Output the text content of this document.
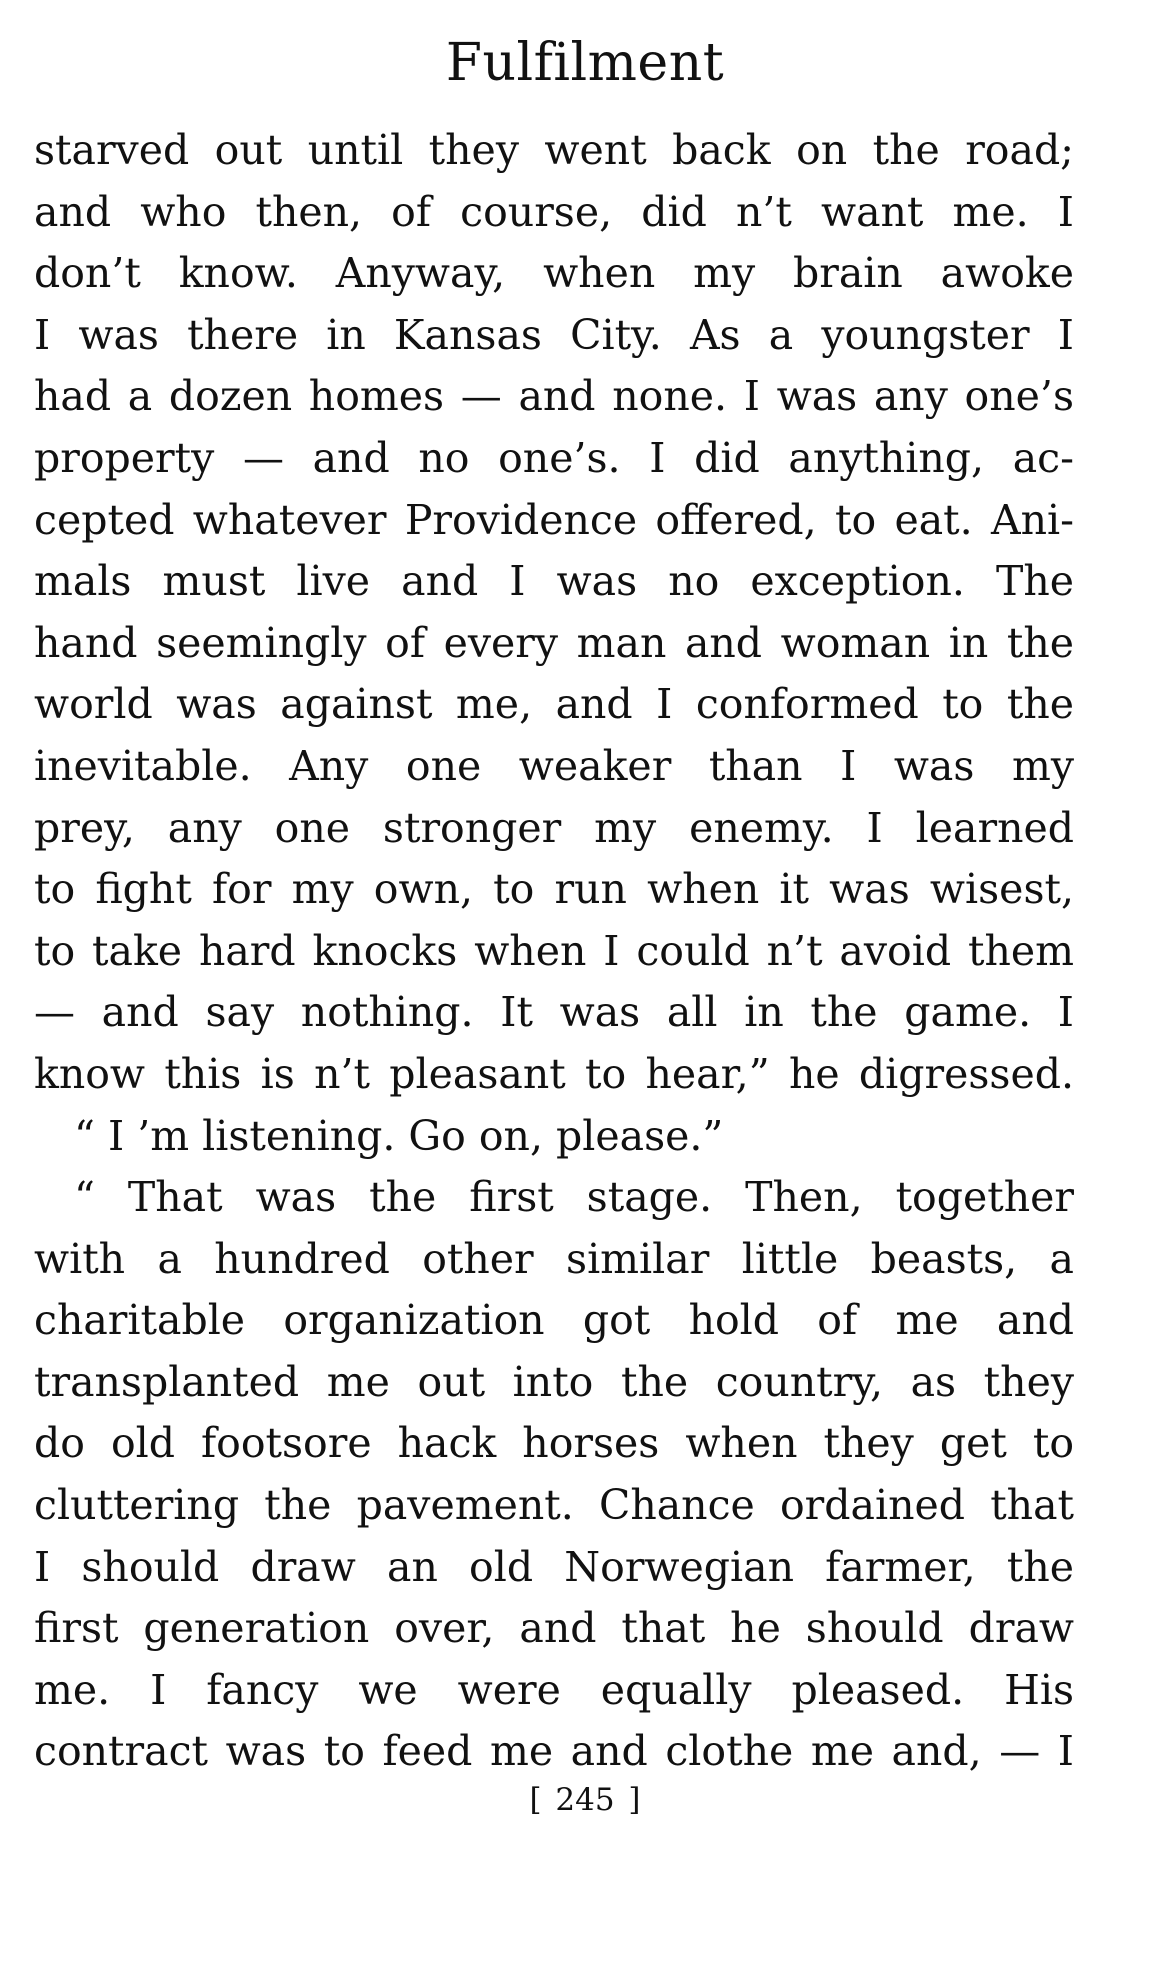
Fulfilment
starved out until they went back on the road;
and who then, of course, did n’t want me. I
don’t know. Anyway, when my brain awoke
I was there in Kansas City. As a youngster I
had a dozen homes — and none. I was any one’s
property — and no one’s. I did anything, ac-
cepted whatever Providence offered, to eat. Ani-
mals must live and I was no exception. The
hand seemingly of every man and woman in the
world was against me, and I conformed to the
inevitable. Any one weaker than I was my
prey, any one stronger my enemy. I learned
to fight for my own, to run when it was wisest,
to take hard knocks when I could n’t avoid them
— and say nothing. It was all in the game. I
know this is n’t pleasant to hear,” he digressed.
“ I ’m listening. Go on, please.”
“ That was the first stage. Then, together
with a hundred other similar little beasts, a
charitable organization got hold of me and
transplanted me out into the country, as they
do old footsore hack horses when they get to
cluttering the pavement. Chance ordained that
I should draw an old Norwegian farmer, the
first generation over, and that he should draw
me. I fancy we were equally pleased. His
contract was to feed me and clothe me and, — I
[ 245 ]
